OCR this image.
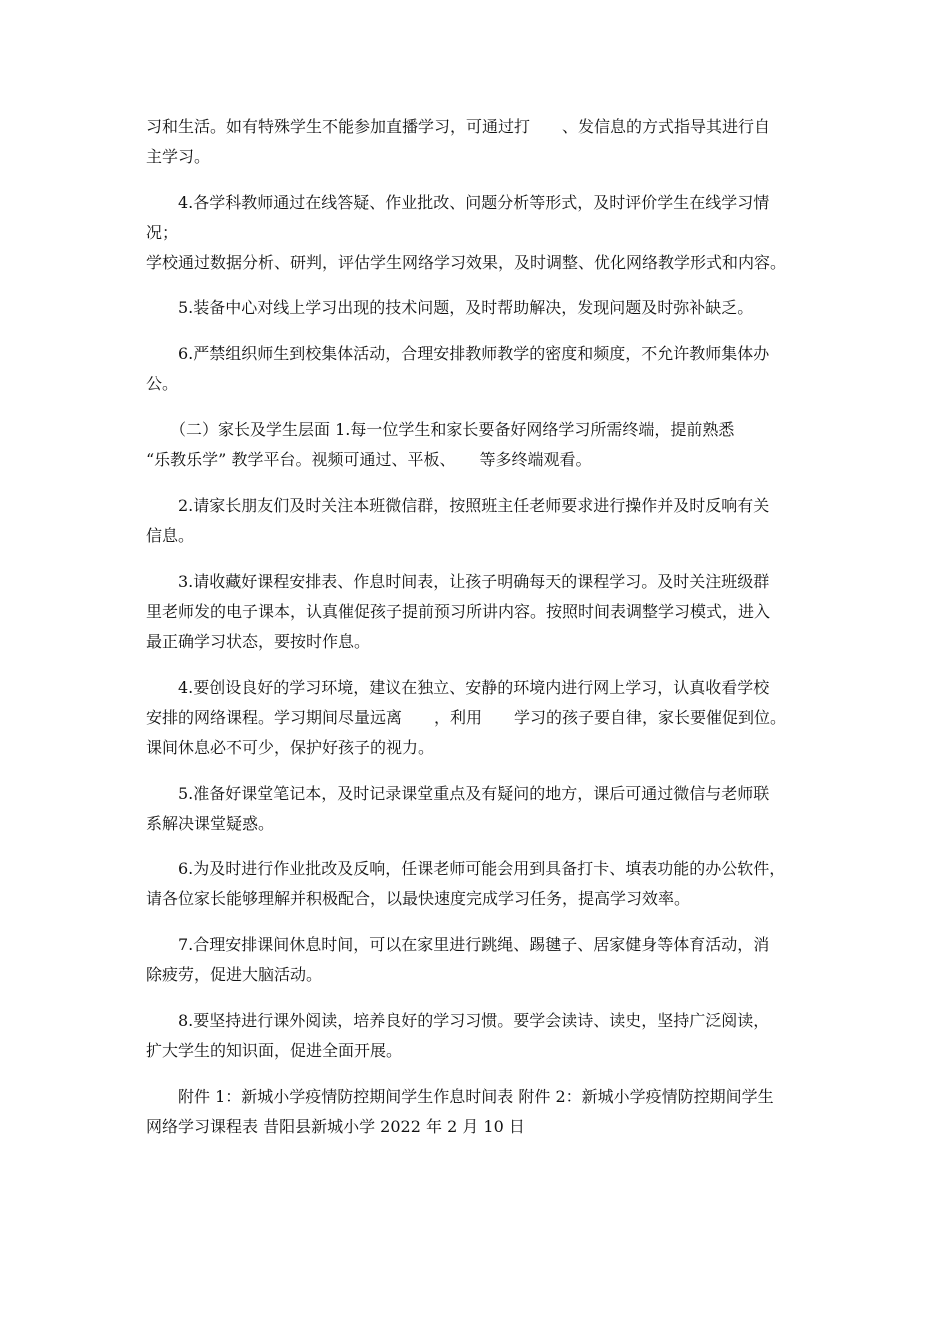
习和生活。如有特殊学生不能参加直播学习，可通过打　　、发信息的方式指导其进行自
主学习。
4.各学科教师通过在线答疑、作业批改、问题分析等形式，及时评价学生在线学习情
况；
学校通过数据分析、研判，评估学生网络学习效果，及时调整、优化网络教学形式和内容。
5.装备中心对线上学习出现的技术问题，及时帮助解决，发现问题及时弥补缺乏。
6.严禁组织师生到校集体活动，合理安排教师教学的密度和频度，不允许教师集体办
公。
（二）家长及学生层面 1.每一位学生和家长要备好网络学习所需终端，提前熟悉
“乐教乐学” 教学平台。视频可通过、平板、　　等多终端观看。
2.请家长朋友们及时关注本班微信群，按照班主任老师要求进行操作并及时反响有关
信息。
3.请收藏好课程安排表、作息时间表，让孩子明确每天的课程学习。及时关注班级群
里老师发的电子课本，认真催促孩子提前预习所讲内容。按照时间表调整学习模式，进入
最正确学习状态，要按时作息。
4.要创设良好的学习环境，建议在独立、安静的环境内进行网上学习，认真收看学校
安排的网络课程。学习期间尽量远离　　，利用　　学习的孩子要自律，家长要催促到位。
课间休息必不可少，保护好孩子的视力。
5.准备好课堂笔记本，及时记录课堂重点及有疑问的地方，课后可通过微信与老师联
系解决课堂疑惑。
6.为及时进行作业批改及反响，任课老师可能会用到具备打卡、填表功能的办公软件，
请各位家长能够理解并积极配合，以最快速度完成学习任务，提高学习效率。
7.合理安排课间休息时间，可以在家里进行跳绳、踢毽子、居家健身等体育活动，消
除疲劳，促进大脑活动。
8.要坚持进行课外阅读，培养良好的学习习惯。要学会读诗、读史，坚持广泛阅读，
扩大学生的知识面，促进全面开展。
附件 1：新城小学疫情防控期间学生作息时间表 附件 2：新城小学疫情防控期间学生
网络学习课程表 昔阳县新城小学 2022 年 2 月 10 日
